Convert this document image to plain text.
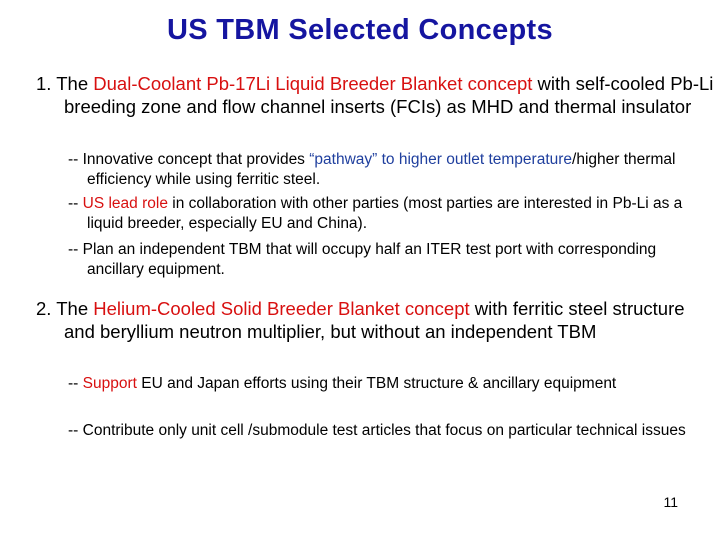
US TBM Selected Concepts
1. The Dual-Coolant Pb-17Li Liquid Breeder Blanket concept with self-cooled Pb-Li breeding zone and flow channel inserts (FCIs) as MHD and thermal insulator
-- Innovative concept that provides “pathway” to higher outlet temperature/higher thermal efficiency while using ferritic steel.
-- US lead role in collaboration with other parties (most parties are interested in Pb-Li as a liquid breeder, especially EU and China).
-- Plan an independent TBM that will occupy half an ITER test port with corresponding ancillary equipment.
2. The Helium-Cooled Solid Breeder Blanket concept with ferritic steel structure and beryllium neutron multiplier, but without an independent TBM
-- Support EU and Japan efforts using their TBM structure & ancillary equipment
-- Contribute only unit cell /submodule test articles that focus on particular technical issues
11
